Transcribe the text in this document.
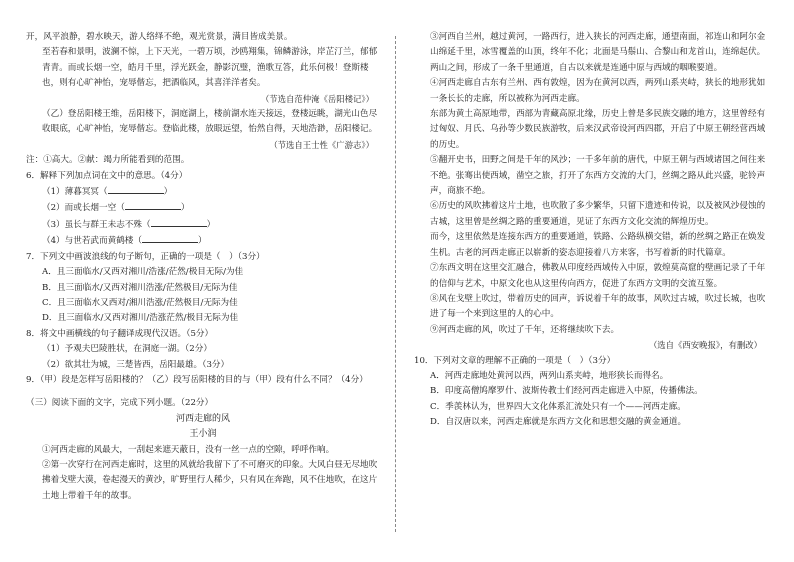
开，风平浪静，碧水映天，游人络绎不绝，观光赏景，满目皆成美景。

至若春和景明，波澜不惊，上下天光，一碧万顷，沙鸥翔集，锦鳞游泳，岸芷汀兰，郁郁青青。而或长烟一空，皓月千里，浮光跃金，静影沉璧，渔歌互答，此乐何极！登斯楼也，则有心旷神怡，宠辱偕忘，把酒临风，其喜洋洋者矣。

（节选自范仲淹《岳阳楼记》）

（乙）登岳阳楼王维，岳阳楼下，洞庭湖上，楼前湖水连天接远，登楼远眺，湖光山色尽收眼底，心旷神怡，宠辱偕忘。登临此楼，放眼远望，怡然自得，天地浩渺，岳阳楼记。

（节选自王士性《广游志》）

注：①高大。②献：竭力所能看到的范围。

6．解释下列加点词在文中的意思。（4分）

（1）薄暮冥冥（	）

（2）而或长烟一空（	）

（3）虽长与群王未志不殊（	）

（4）与世若武而黄鹤楼（	）

7．下列文中画波浪线的句子断句，正确的一项是（　）（3分）

A．且三面临水/又西对湘川/浩涨/茫然/极目无际/为佳

B．且三面临水/又西对湘川浩涨/茫然极目/无际为佳

C．且三面临水又西对/湘川浩涨/茫然极目/无际为佳

D．且三面临水/又西对湘川/浩涨茫然/极目无际为佳

8．将文中画横线的句子翻译成现代汉语。（5分）

（1）予观夫巴陵胜状，在洞庭一湖。（2分）

（2）欲其壮为城，三楚皆西，岳阳最雄。（3分）

9．（甲）段是怎样写岳阳楼的？（乙）段写岳阳楼的目的与（甲）段有什么不同？（4分）

（三）阅读下面的文字，完成下列小题。（22分）

河西走廊的风

王小润

①河西走廊的风最大，一刮起来遮天蔽日，没有一丝一点的空隙，呼呼作响。

②第一次穿行在河西走廊时，这里的风就给我留下了不可磨灭的印象。大风白昼无尽地吹拂着戈壁大漠，卷起漫天的黄沙，旷野里行人稀少，只有风在奔跑，风不住地吹，在这片土地上带着千年的故事。

③河西自兰州，越过黄河，一路西行，进入狭长的河西走廊，通望南面，祁连山和阿尔金山绵延千里，冰雪覆盖的山顶，终年不化；北面是马鬃山、合黎山和龙首山，连绵起伏。两山之间，形成了一条千里通道，自古以来就是连通中原与西域的咽喉要道。

④河西走廊自古东有兰州、西有敦煌，因为在黄河以西，两列山系夹峙，狭长的地形犹如一条长长的走廊，所以被称为河西走廊。

东部为黄土高原地带，西部为青藏高原北缘，历史上曾是多民族交融的地方，这里曾经有过匈奴、月氏、乌孙等少数民族游牧，后来汉武帝设河西四郡，开启了中原王朝经营西域的历史。

⑤翻开史书，田野之间是千年的风沙；一千多年前的唐代，中原王朝与西域诸国之间往来不绝。张骞出使西域，凿空之旅，打开了东西方交流的大门，丝绸之路从此兴盛，驼铃声声，商旅不绝。

⑥历史的风吹拂着这片土地，也吹散了多少繁华，只留下遗迹和传说，以及被风沙侵蚀的古城，这里曾是丝绸之路的重要通道，见证了东西方文化交流的辉煌历史。

而今，这里依然是连接东西方的重要通道，铁路、公路纵横交错，新的丝绸之路正在焕发生机。古老的河西走廊正以崭新的姿态迎接着八方来客，书写着新的时代篇章。

⑦东西文明在这里交汇融合，佛教从印度经西域传入中原，敦煌莫高窟的壁画记录了千年的信仰与艺术，中原文化也从这里传向西方，促进了东西方文明的交流互鉴。

⑧风在戈壁上吹过，带着历史的回声，诉说着千年的故事，风吹过古城，吹过长城，也吹进了每一个来到这里的人的心中。

⑨河西走廊的风，吹过了千年，还将继续吹下去。

（选自《西安晚报》，有删改）

10．下列对文章的理解不正确的一项是（　）（3分）

A．河西走廊地处黄河以西，两列山系夹峙，地形狭长而得名。

B．印度高僧鸠摩罗什、波斯传教士们经河西走廊进入中原，传播佛法。

C．季羡林认为，世界四大文化体系汇流处只有一个——河西走廊。

D．自汉唐以来，河西走廊就是东西方文化和思想交融的黄金通道。
